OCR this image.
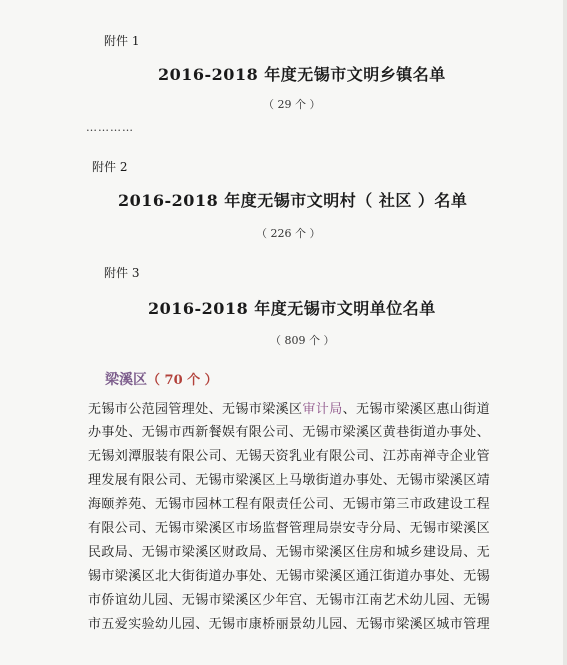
附件 1
2016-2018 年度无锡市文明乡镇名单
（ 29 个 ）
…………
附件 2
2016-2018 年度无锡市文明村（ 社区 ）名单
（ 226 个 ）
附件 3
2016-2018 年度无锡市文明单位名单
（ 809 个 ）
梁溪区（ 70 个 ）
无锡市公范园管理处、无锡市梁溪区审计局、无锡市梁溪区惠山街道
办事处、无锡市西新餐娱有限公司、无锡市梁溪区黄巷街道办事处、
无锡刘潭服装有限公司、无锡天资乳业有限公司、江苏南禅寺企业管
理发展有限公司、无锡市梁溪区上马墩街道办事处、无锡市梁溪区靖
海颐养苑、无锡市园林工程有限责任公司、无锡市第三市政建设工程
有限公司、无锡市梁溪区市场监督管理局崇安寺分局、无锡市梁溪区
民政局、无锡市梁溪区财政局、无锡市梁溪区住房和城乡建设局、无
锡市梁溪区北大街街道办事处、无锡市梁溪区通江街道办事处、无锡
市侨谊幼儿园、无锡市梁溪区少年宫、无锡市江南艺术幼儿园、无锡
市五爱实验幼儿园、无锡市康桥丽景幼儿园、无锡市梁溪区城市管理
